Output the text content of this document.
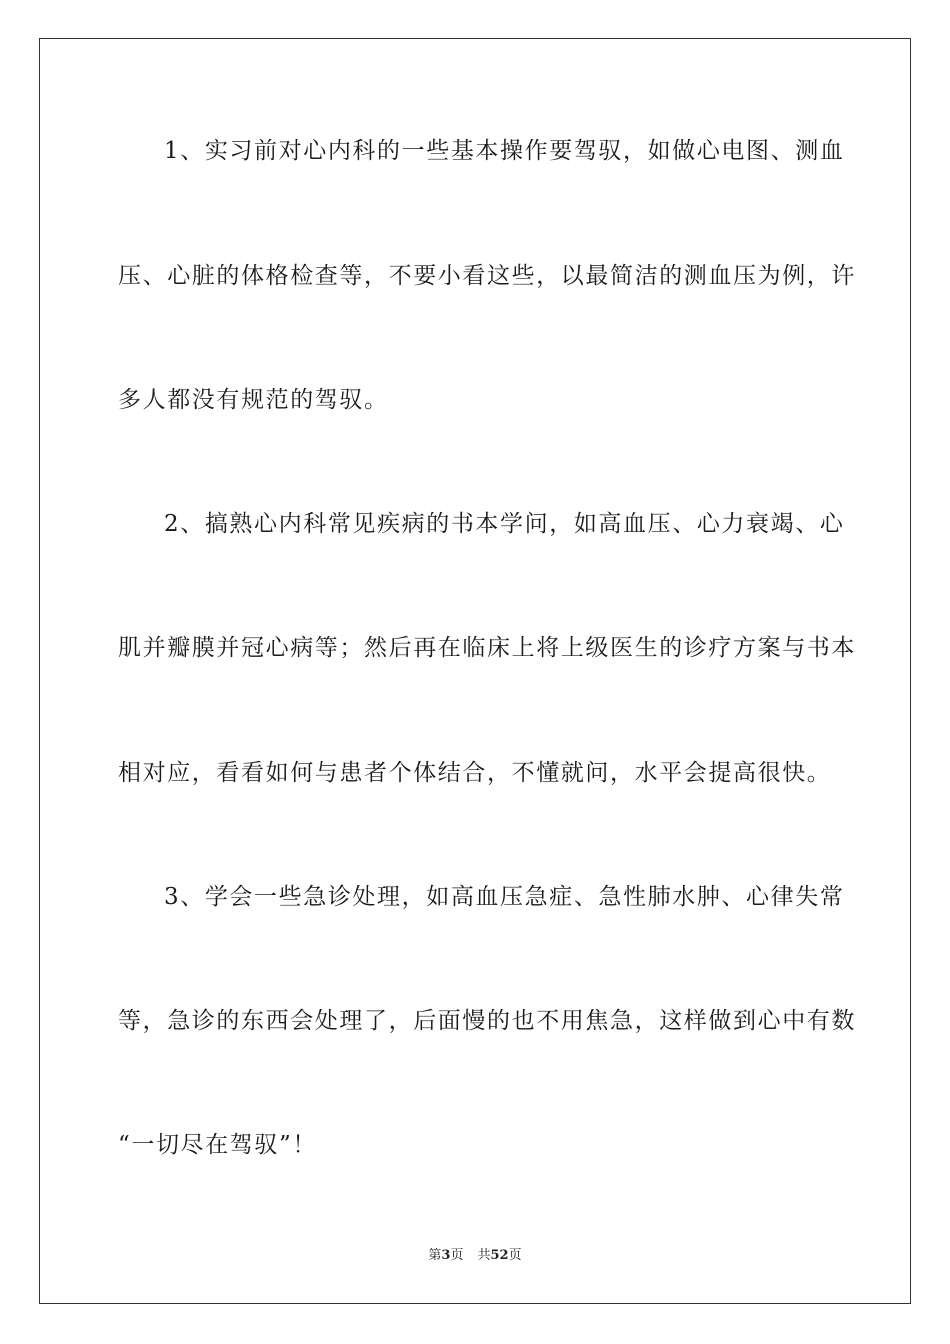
1、实习前对心内科的一些基本操作要驾驭，如做心电图、测血
压、心脏的体格检查等，不要小看这些，以最简洁的测血压为例，许
多人都没有规范的驾驭。
2、搞熟心内科常见疾病的书本学问，如高血压、心力衰竭、心
肌并瓣膜并冠心病等；然后再在临床上将上级医生的诊疗方案与书本
相对应，看看如何与患者个体结合，不懂就问，水平会提高很快。
3、学会一些急诊处理，如高血压急症、急性肺水肿、心律失常
等，急诊的东西会处理了，后面慢的也不用焦急，这样做到心中有数
“一切尽在驾驭”！
第3页 共52页
